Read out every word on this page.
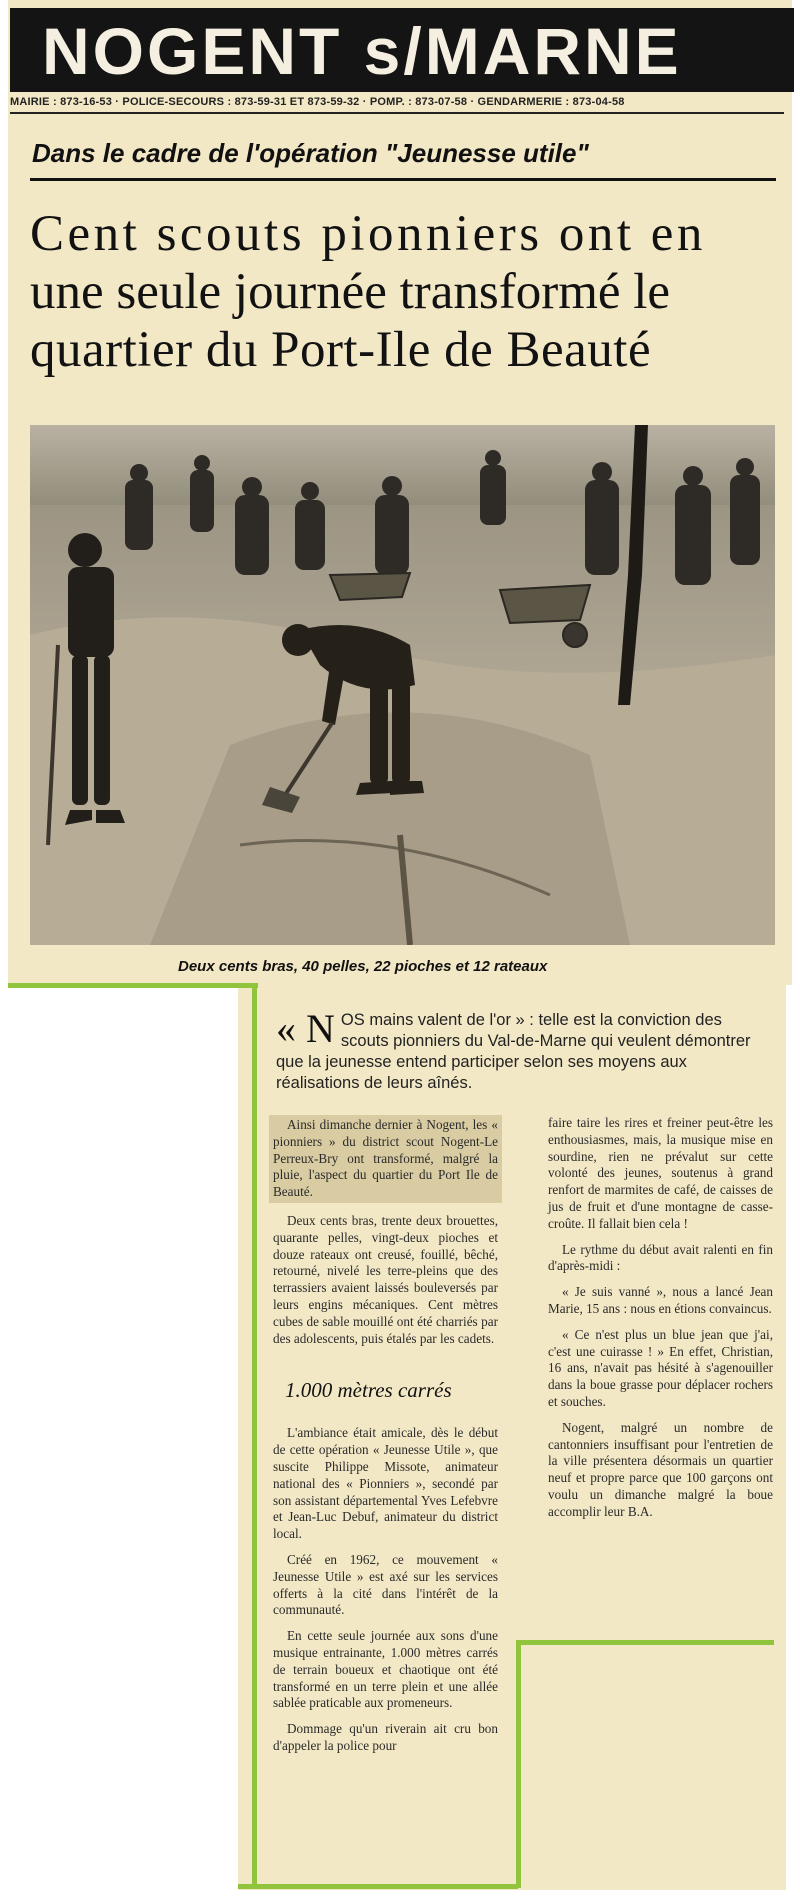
NOGENT s/MARNE
MAIRIE : 873-16-53 · POLICE-SECOURS : 873-59-31 ET 873-59-32 · POMP. : 873-07-58 · GENDARMERIE : 873-04-58
Dans le cadre de l'opération "Jeunesse utile"
Cent scouts pionniers ont en
une seule journée transformé le
quartier du Port-Ile de Beauté
Deux cents bras, 40 pelles, 22 pioches et 12 rateaux
« N OS mains valent de l'or » : telle est la conviction des scouts pionniers du Val-de-Marne qui veulent démontrer que la jeunesse entend participer selon ses moyens aux réalisations de leurs aînés.

Ainsi dimanche dernier à Nogent, les « pionniers » du district scout Nogent-Le Perreux-Bry ont transformé, malgré la pluie, l'aspect du quartier du Port Ile de Beauté.

Deux cents bras, trente deux brouettes, quarante pelles, vingt-deux pioches et douze rateaux ont creusé, fouillé, bêché, retourné, nivelé les terre-pleins que des terrassiers avaient laissés bouleversés par leurs engins mécaniques. Cent mètres cubes de sable mouillé ont été charriés par des adolescents, puis étalés par les cadets.

1.000 mètres carrés

L'ambiance était amicale, dès le début de cette opération « Jeunesse Utile », que suscite Philippe Missote, animateur national des « Pionniers », secondé par son assistant départemental Yves Lefebvre et Jean-Luc Debuf, animateur du district local.

Créé en 1962, ce mouvement « Jeunesse Utile » est axé sur les services offerts à la cité dans l'intérêt de la communauté.

En cette seule journée aux sons d'une musique entrainante, 1.000 mètres carrés de terrain boueux et chaotique ont été transformé en un terre plein et une allée sablée praticable aux promeneurs.

Dommage qu'un riverain ait cru bon d'appeler la police pour

faire taire les rires et freiner peut-être les enthousiasmes, mais, la musique mise en sourdine, rien ne prévalut sur cette volonté des jeunes, soutenus à grand renfort de marmites de café, de caisses de jus de fruit et d'une montagne de casse-croûte. Il fallait bien cela !

Le rythme du début avait ralenti en fin d'après-midi :

« Je suis vanné », nous a lancé Jean Marie, 15 ans : nous en étions convaincus.

« Ce n'est plus un blue jean que j'ai, c'est une cuirasse ! » En effet, Christian, 16 ans, n'avait pas hésité à s'agenouiller dans la boue grasse pour déplacer rochers et souches.

Nogent, malgré un nombre de cantonniers insuffisant pour l'entretien de la ville présentera désormais un quartier neuf et propre parce que 100 garçons ont voulu un dimanche malgré la boue accomplir leur B.A.
